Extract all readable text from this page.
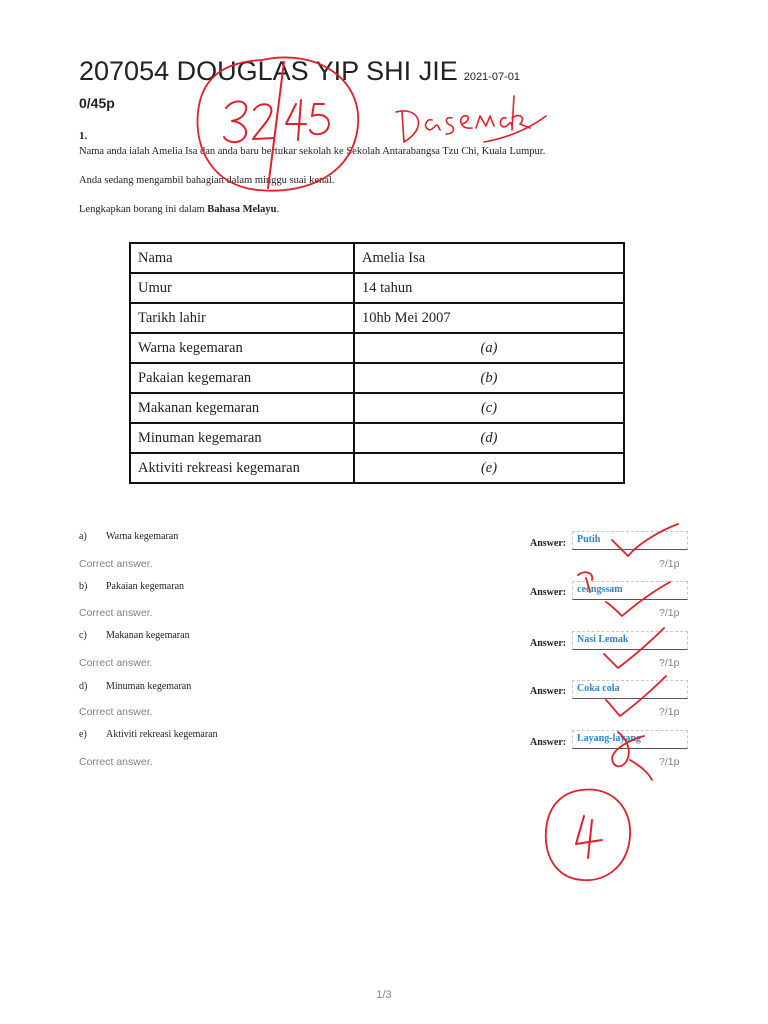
207054 DOUGLAS YIP SHI JIE 2021-07-01
0/45p
1.
Nama anda ialah Amelia Isa dan anda baru bertukar sekolah ke Sekolah Antarabangsa Tzu Chi, Kuala Lumpur.
Anda sedang mengambil bahagian dalam minggu suai kenal.
Lengkapkan borang ini dalam Bahasa Melayu.
Nama	Amelia Isa
Umur	14 tahun
Tarikh lahir	10hb Mei 2007
Warna kegemaran	(a)
Pakaian kegemaran	(b)
Makanan kegemaran	(c)
Minuman kegemaran	(d)
Aktiviti rekreasi kegemaran	(e)
a) Warna kegemaran
Answer:	Putih
Correct answer.	?/1p
b) Pakaian kegemaran
Answer:	ceongssam
Correct answer.	?/1p
c) Makanan kegemaran
Answer:	Nasi Lemak
Correct answer.	?/1p
d) Minuman kegemaran	Answer:	Coka cola
Correct answer.	?/1p
e) Aktiviti rekreasi kegemaran
Answer:	Layang-layang
Correct answer.	?/1p
1/3
